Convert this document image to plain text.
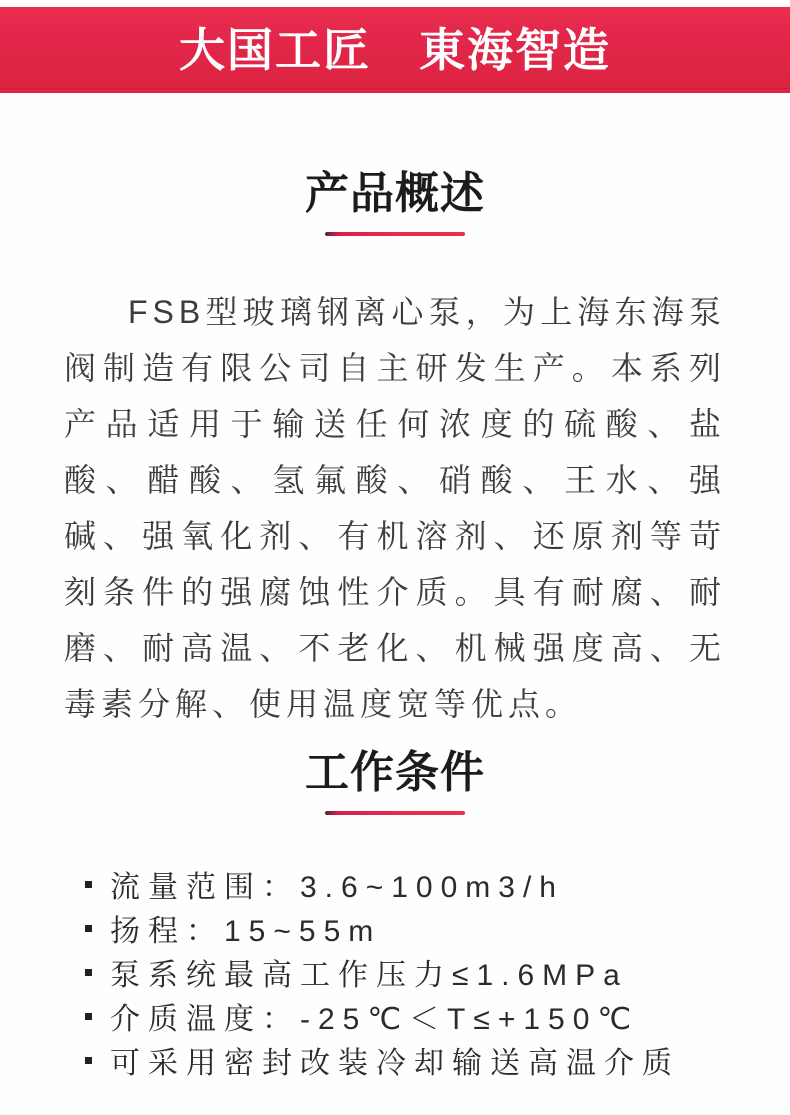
大国工匠　東海智造
产品概述

FSB型玻璃钢离心泵，为上海东海泵阀制造有限公司自主研发生产。本系列产品适用于输送任何浓度的硫酸、盐酸、醋酸、氢氟酸、硝酸、王水、强碱、强氧化剂、有机溶剂、还原剂等苛刻条件的强腐蚀性介质。具有耐腐、耐磨、耐高温、不老化、机械强度高、无毒素分解、使用温度宽等优点。

工作条件
流量范围：3.6~100m3/h
扬程：15~55m
泵系统最高工作压力≤1.6MPa
介质温度：-25℃＜T≤+150℃
可采用密封改装冷却输送高温介质
